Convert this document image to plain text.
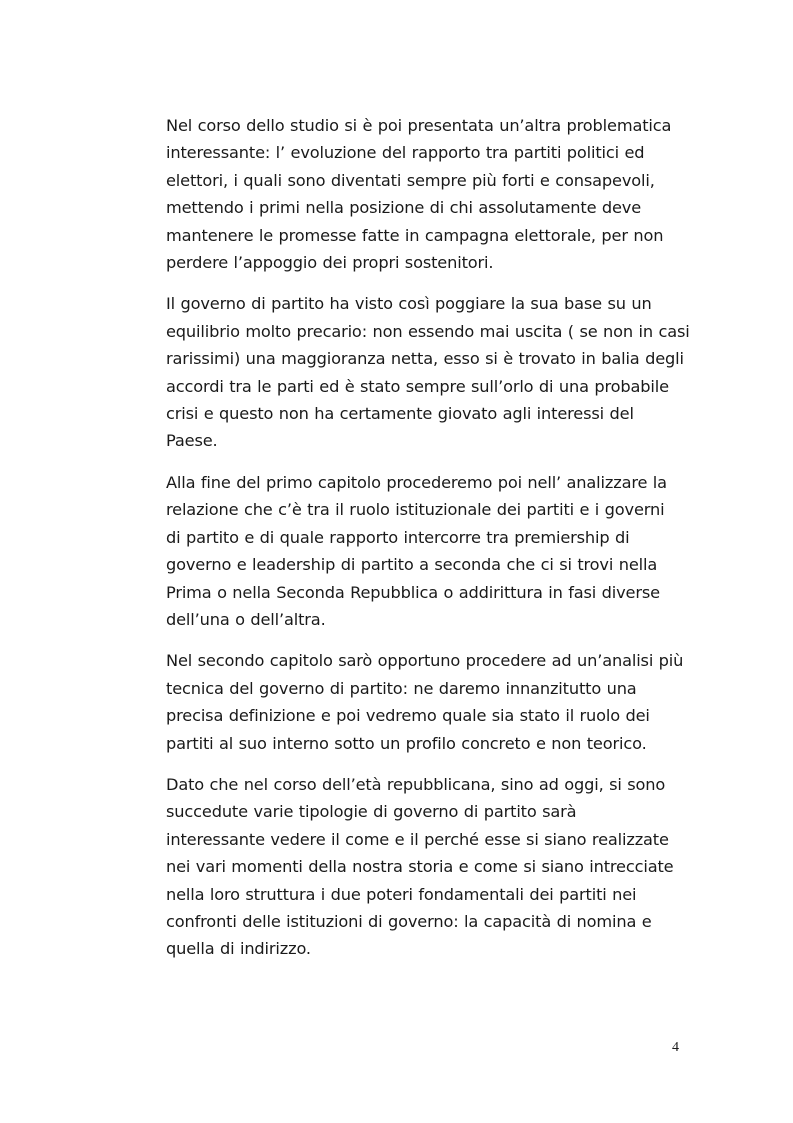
Nel corso dello studio si è poi presentata un’altra problematica
interessante: l’ evoluzione del rapporto tra partiti politici ed
elettori, i quali sono diventati sempre più forti e consapevoli,
mettendo i primi nella posizione di chi assolutamente deve
mantenere le promesse fatte in campagna elettorale, per non
perdere l’appoggio dei propri sostenitori.

Il governo di partito ha visto così poggiare la sua base su un
equilibrio molto precario: non essendo mai uscita ( se non in casi
rarissimi) una maggioranza netta, esso si è trovato in balia degli
accordi tra le parti ed è stato sempre sull’orlo di una probabile
crisi e questo non ha certamente giovato agli interessi del
Paese.

Alla fine del primo capitolo procederemo poi nell’ analizzare la
relazione che c’è tra il ruolo istituzionale dei partiti e i governi
di partito e di quale rapporto intercorre tra premiership di
governo e leadership di partito a seconda che ci si trovi nella
Prima o nella Seconda Repubblica o addirittura in fasi diverse
dell’una o dell’altra.

Nel secondo capitolo sarò opportuno procedere ad un’analisi più
tecnica del governo di partito: ne daremo innanzitutto una
precisa definizione e poi vedremo quale sia stato il ruolo dei
partiti al suo interno sotto un profilo concreto e non teorico.

Dato che nel corso dell’età repubblicana, sino ad oggi, si sono
succedute varie tipologie di governo di partito sarà
interessante vedere il come e il perché esse si siano realizzate
nei vari momenti della nostra storia e come si siano intrecciate
nella loro struttura i due poteri fondamentali dei partiti nei
confronti delle istituzioni di governo: la capacità di nomina e
quella di indirizzo.

4
